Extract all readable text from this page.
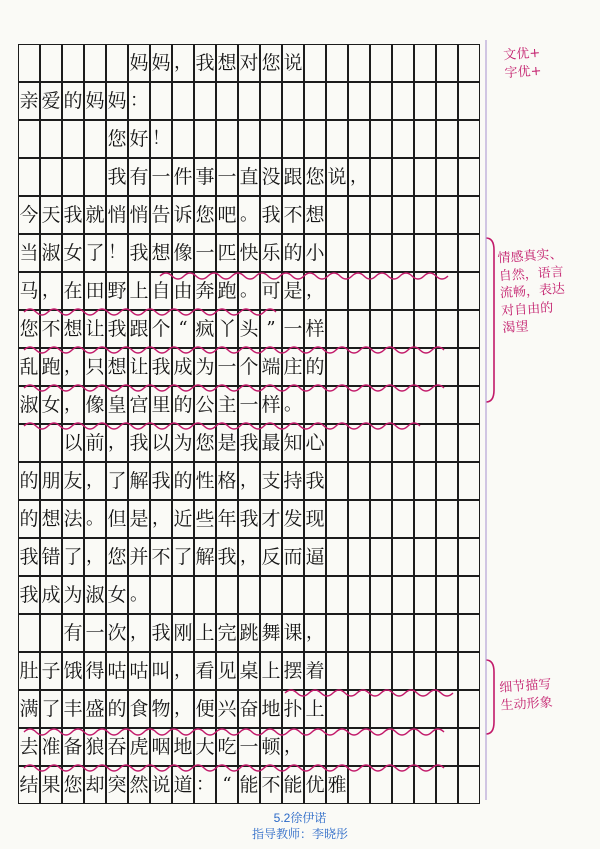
妈 妈 ， 我 想 对 您 说
亲 爱 的 妈 妈 ：
您 好 ！
我 有 一 件 事 一 直 没 跟 您 说 ，
今 天 我 就 悄 悄 告 诉 您 吧 。 我 不 想
当 淑 女 了 ！ 我 想 像 一 匹 快 乐 的 小
马 ， 在 田 野 上 自 由 奔 跑 。 可 是 ，
您 不 想 让 我 跟 个 “ 疯 丫 头 ” 一 样
乱 跑 ， 只 想 让 我 成 为 一 个 端 庄 的
淑 女 ， 像 皇 宫 里 的 公 主 一 样 。
以 前 ， 我 以 为 您 是 我 最 知 心
的 朋 友 ， 了 解 我 的 性 格 ， 支 持 我
的 想 法 。 但 是 ， 近 些 年 我 才 发 现
我 错 了 ， 您 并 不 了 解 我 ， 反 而 逼
我 成 为 淑 女 。
有 一 次 ， 我 刚 上 完 跳 舞 课 ，
肚 子 饿 得 咕 咕 叫 ， 看 见 桌 上 摆 着
满 了 丰 盛 的 食 物 ， 便 兴 奋 地 扑 上
去 准 备 狼 吞 虎 咽 地 大 吃 一 顿 ，
结 果 您 却 突 然 说 道 ： “ 能 不 能 优 雅
文优+
字优+
情感真实、
自然，语言
流畅，表达
对自由的
渴望
细节描写
生动形象
5.2徐伊诺
指导教师：李晓彤
